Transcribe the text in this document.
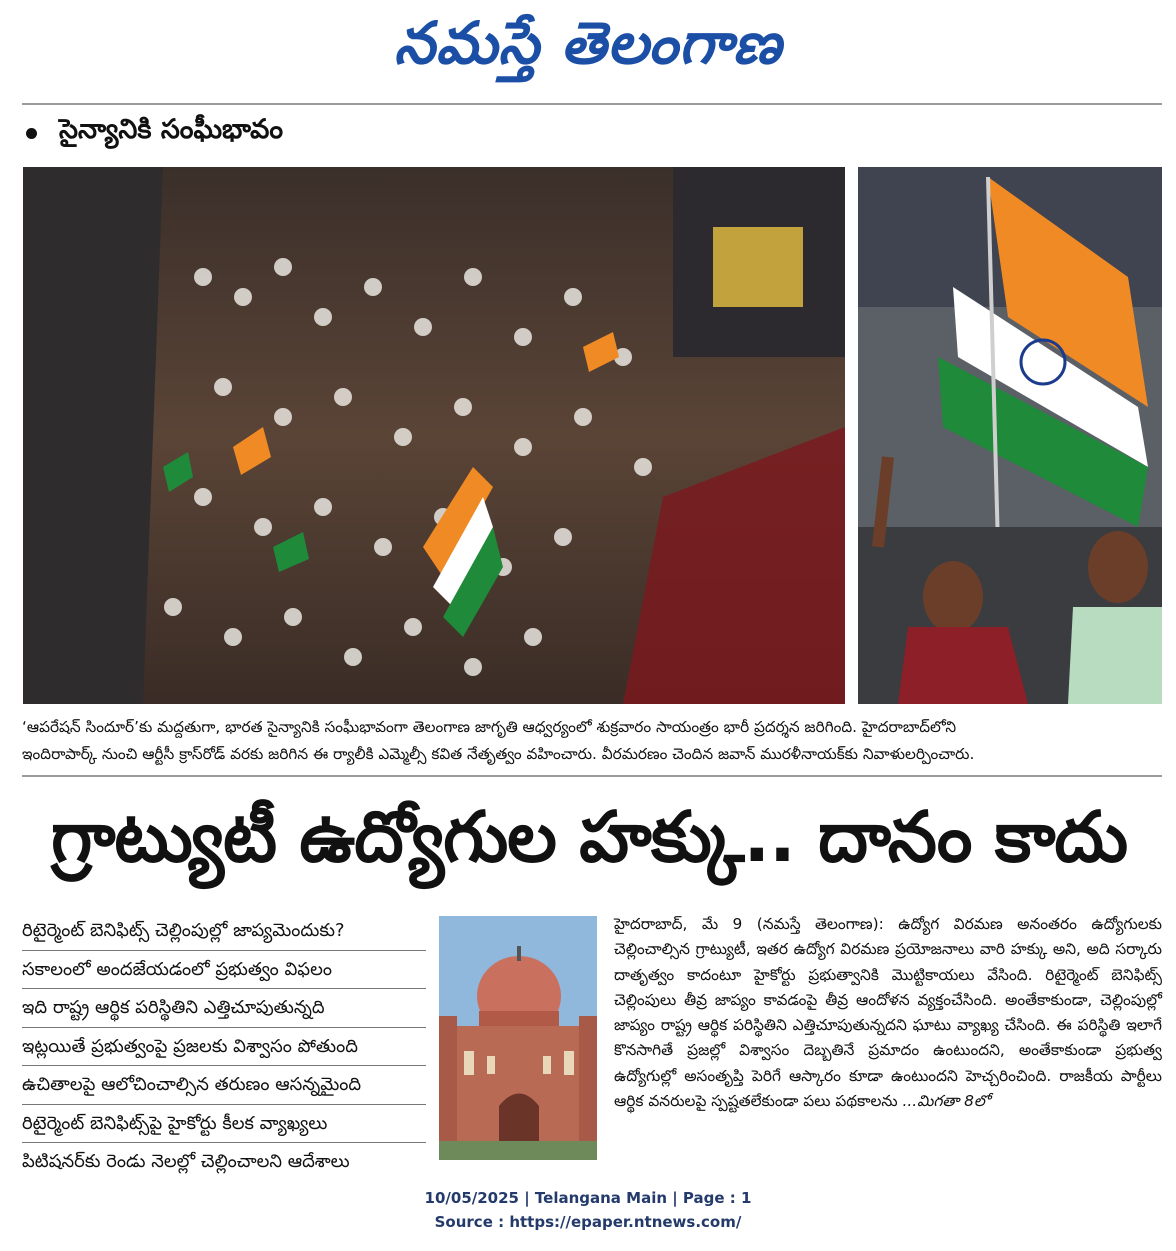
నమస్తే తెలంగాణ
సైన్యానికి సంఘీభావం
‘ఆపరేషన్ సిందూర్’కు మద్దతుగా, భారత సైన్యానికి సంఘీభావంగా తెలంగాణ జాగృతి ఆధ్వర్యంలో శుక్రవారం సాయంత్రం భారీ ప్రదర్శన జరిగింది. హైదరాబాద్‌లోని
ఇందిరాపార్క్ నుంచి ఆర్టీసీ క్రాస్‌రోడ్ వరకు జరిగిన ఈ ర్యాలీకి ఎమ్మెల్సీ కవిత నేతృత్వం వహించారు. వీరమరణం చెందిన జవాన్ మురళీనాయక్‌కు నివాళులర్పించారు.
గ్రాట్యుటీ ఉద్యోగుల హక్కు.. దానం కాదు
రిటైర్మెంట్ బెనిఫిట్స్ చెల్లింపుల్లో జాప్యమెందుకు?
సకాలంలో అందజేయడంలో ప్రభుత్వం విఫలం
ఇది రాష్ట్ర ఆర్థిక పరిస్థితిని ఎత్తిచూపుతున్నది
ఇట్లయితే ప్రభుత్వంపై ప్రజలకు విశ్వాసం పోతుంది
ఉచితాలపై ఆలోచించాల్సిన తరుణం ఆసన్నమైంది
రిటైర్మెంట్ బెనిఫిట్స్‌పై హైకోర్టు కీలక వ్యాఖ్యలు
పిటిషనర్‌కు రెండు నెలల్లో చెల్లించాలని ఆదేశాలు
హైదరాబాద్, మే 9 (నమస్తే తెలంగాణ): ఉద్యోగ విరమణ అనంతరం ఉద్యోగులకు చెల్లించాల్సిన గ్రాట్యుటీ, ఇతర ఉద్యోగ విరమణ ప్రయోజనాలు వారి హక్కు అని, అది సర్కారు దాతృత్వం కాదంటూ హైకోర్టు ప్రభుత్వానికి మొట్టికాయలు వేసింది. రిటైర్మెంట్ బెనిఫిట్స్ చెల్లింపులు తీవ్ర జాప్యం కావడంపై తీవ్ర ఆందోళన వ్యక్తంచేసింది. అంతేకాకుండా, చెల్లింపుల్లో జాప్యం రాష్ట్ర ఆర్థిక పరిస్థితిని ఎత్తిచూపుతున్నదని ఘాటు వ్యాఖ్య చేసింది. ఈ పరిస్థితి ఇలాగే కొనసాగితే ప్రజల్లో విశ్వాసం దెబ్బతినే ప్రమాదం ఉంటుందని, అంతేకాకుండా ప్రభుత్వ ఉద్యోగుల్లో అసంతృప్తి పెరిగే ఆస్కారం కూడా ఉంటుందని హెచ్చరించింది. రాజకీయ పార్టీలు ఆర్థిక వనరులపై స్పష్టతలేకుండా పలు పథకాలను ...మిగతా 8లో
10/05/2025 | Telangana Main | Page : 1
Source : https://epaper.ntnews.com/
